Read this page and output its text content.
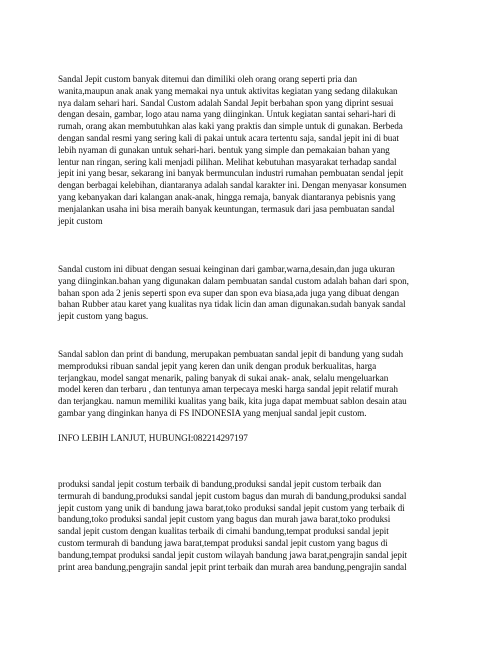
Sandal Jepit custom banyak ditemui dan dimiliki oleh orang orang seperti pria dan
wanita,maupun anak anak yang memakai nya untuk aktivitas kegiatan yang sedang dilakukan
nya dalam sehari hari. Sandal Custom adalah Sandal Jepit berbahan spon yang diprint sesuai
dengan desain, gambar, logo atau nama yang diinginkan. Untuk kegiatan santai sehari-hari di
rumah, orang akan membutuhkan alas kaki yang praktis dan simple untuk di gunakan. Berbeda
dengan sandal resmi yang sering kali di pakai untuk acara tertentu saja, sandal jepit ini di buat
lebih nyaman di gunakan untuk sehari-hari. bentuk yang simple dan pemakaian bahan yang
lentur nan ringan, sering kali menjadi pilihan. Melihat kebutuhan masyarakat terhadap sandal
jepit ini yang besar, sekarang ini banyak bermunculan industri rumahan pembuatan sendal jepit
dengan berbagai kelebihan, diantaranya adalah sandal karakter ini. Dengan menyasar konsumen
yang kebanyakan dari kalangan anak-anak, hingga remaja, banyak diantaranya pebisnis yang
menjalankan usaha ini bisa meraih banyak keuntungan, termasuk dari jasa pembuatan sandal
jepit custom

Sandal custom ini dibuat dengan sesuai keinginan dari gambar,warna,desain,dan juga ukuran
yang diinginkan.bahan yang digunakan dalam pembuatan sandal custom adalah bahan dari spon,
bahan spon ada 2 jenis seperti spon eva super dan spon eva biasa,ada juga yang dibuat dengan
bahan Rubber atau karet yang kualitas nya tidak licin dan aman digunakan.sudah banyak sandal
jepit custom yang bagus.

Sandal sablon dan print di bandung, merupakan pembuatan sandal jepit di bandung yang sudah
memproduksi ribuan sandal jepit yang keren dan unik dengan produk berkualitas, harga
terjangkau, model sangat menarik, paling banyak di sukai anak- anak, selalu mengeluarkan
model keren dan terbaru , dan tentunya aman terpecaya meski harga sandal jepit relatif murah
dan terjangkau. namun memiliki kualitas yang baik, kita juga dapat membuat sablon desain atau
gambar yang dinginkan hanya di FS INDONESIA yang menjual sandal jepit custom.

INFO LEBIH LANJUT, HUBUNGI:082214297197

produksi sandal jepit costum terbaik di bandung,produksi sandal jepit custom terbaik dan
termurah di bandung,produksi sandal jepit custom bagus dan murah di bandung,produksi sandal
jepit custom yang unik di bandung jawa barat,toko produksi sandal jepit custom yang terbaik di
bandung,toko produksi sandal jepit custom yang bagus dan murah jawa barat,toko produksi
sandal jepit custom dengan kualitas terbaik di cimahi bandung,tempat produksi sandal jepit
custom termurah di bandung jawa barat,tempat produksi sandal jepit custom yang bagus di
bandung,tempat produksi sandal jepit custom wilayah bandung jawa barat,pengrajin sandal jepit
print area bandung,pengrajin sandal jepit print terbaik dan murah area bandung,pengrajin sandal
